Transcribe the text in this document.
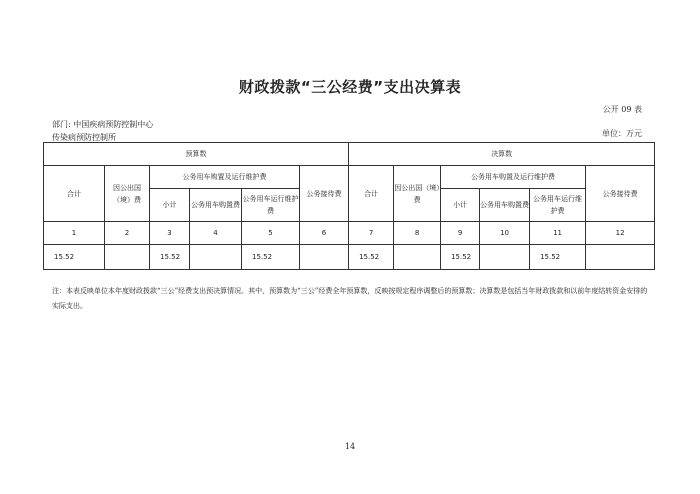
财政拨款“三公经费”支出决算表
公开 09 表
部门: 中国疾病预防控制中心
传染病预防控制所	单位：万元
预算数						决算数					
合计	因公出国（境）费	公务用车购置及运行维护费			公务接待费	合计	因公出国（境）费	公务用车购置及运行维护费			公务接待费
		小计	公务用车购置费	公务用车运行维护费				小计	公务用车购置费	公务用车运行维护费	
1	2	3	4	5	6	7	8	9	10	11	12
15.52		15.52		15.52		15.52		15.52		15.52	
注：本表反映单位本年度财政拨款“三公”经费支出预决算情况。其中，预算数为“三公”经费全年预算数，反映按规定程序调整后的预算数；决算数是包括当年财政拨款和以前年度结转资金安排的实际支出。
14
